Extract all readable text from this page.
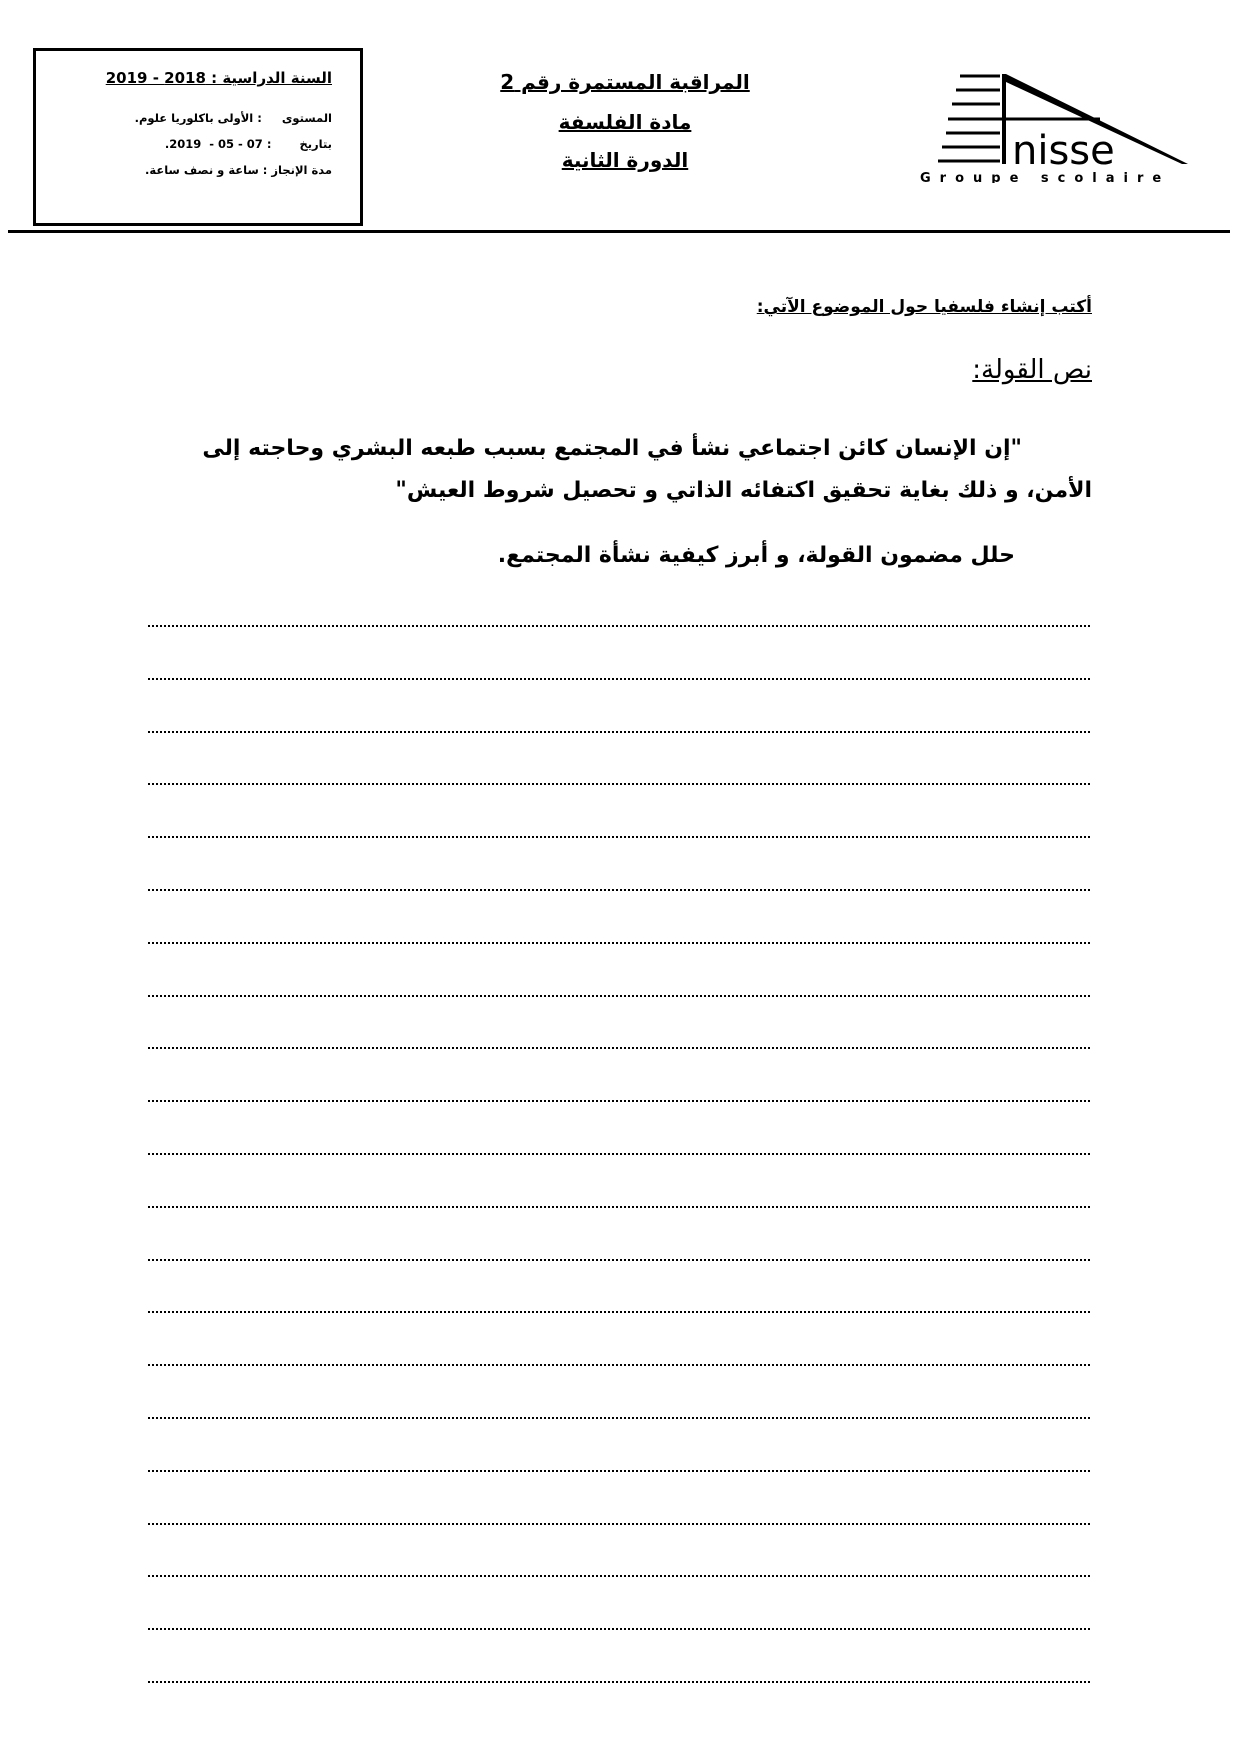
السنة الدراسية : 2018 - 2019
المستوى     : الأولى باكلوريا علوم.
بتاريخ       : 07 - 05 -  2019.
مدة الإنجاز : ساعة و نصف ساعة.
المراقبة المستمرة رقم 2
مادة الفلسفة
الدورة الثانية	nisse
Groupe scolaire
أكتب إنشاء فلسفيا حول الموضوع الآتي:
نص القولة:
"إن الإنسان كائن اجتماعي نشأ في المجتمع بسبب طبعه البشري وحاجته إلى الأمن، و ذلك بغاية تحقيق اكتفائه الذاتي و تحصيل شروط العيش"
حلل مضمون القولة، و أبرز كيفية نشأة المجتمع.
